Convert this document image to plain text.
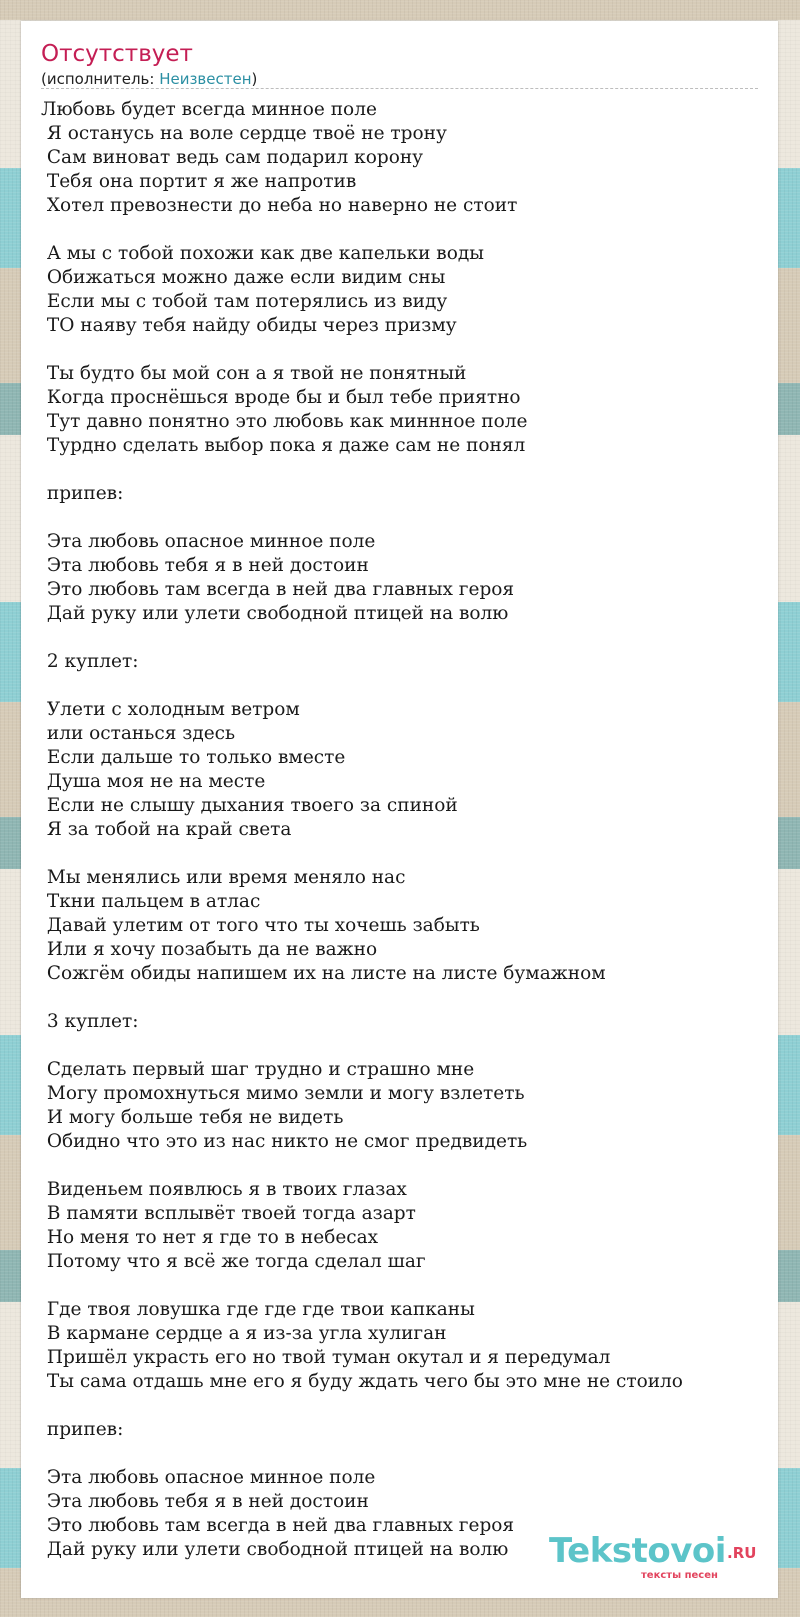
Отсутствует
(исполнитель: Неизвестен)
Любовь будет всегда минное поле
Я останусь на воле сердце твоё не трону
Сам виноват ведь сам подарил корону
Тебя она портит я же напротив
Хотел превознести до неба но наверно не стоит

А мы с тобой похожи как две капельки воды
Обижаться можно даже если видим сны
Если мы с тобой там потерялись из виду
ТО наяву тебя найду обиды через призму

Ты будто бы мой сон а я твой не понятный
Когда проснёшься вроде бы и был тебе приятно
Тут давно понятно это любовь как миннное поле
Турдно сделать выбор пока я даже сам не понял

припев:

Эта любовь опасное минное поле
Эта любовь тебя я в ней достоин
Это любовь там всегда в ней два главных героя
Дай руку или улети свободной птицей на волю

2 куплет:

Улети с холодным ветром
или останься здесь
Если дальше то только вместе
Душа моя не на месте
Если не слышу дыхания твоего за спиной
Я за тобой на край света

Мы менялись или время меняло нас
Ткни пальцем в атлас
Давай улетим от того что ты хочешь забыть
Или я хочу позабыть да не важно
Сожгём обиды напишем их на листе на листе бумажном

3 куплет:

Сделать первый шаг трудно и страшно мне
Могу промохнуться мимо земли и могу взлететь
И могу больше тебя не видеть
Обидно что это из нас никто не смог предвидеть

Виденьем появлюсь я в твоих глазах
В памяти всплывёт твоей тогда азарт
Но меня то нет я где то в небесах
Потому что я всё же тогда сделал шаг

Где твоя ловушка где где где твои капканы
В кармане сердце а я из-за угла хулиган
Пришёл украсть его но твой туман окутал и я передумал
Ты сама отдашь мне его я буду ждать чего бы это мне не стоило

припев:

Эта любовь опасное минное поле
Эта любовь тебя я в ней достоин
Это любовь там всегда в ней два главных героя
Дай руку или улети свободной птицей на волю	Tekstovoi .RU
тексты песен
